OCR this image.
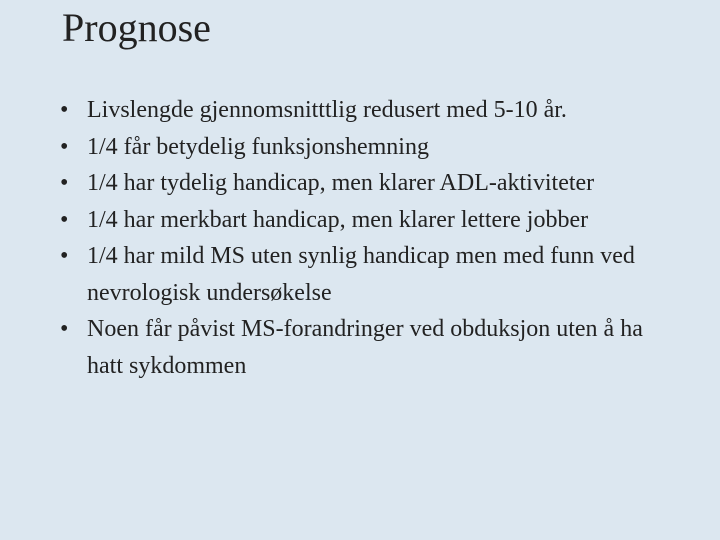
Prognose
• Livslengde gjennomsnitttlig redusert med 5-10 år.
• 1/4 får betydelig funksjonshemning
• 1/4 har tydelig handicap, men klarer ADL-aktiviteter
• 1/4 har merkbart handicap, men klarer lettere jobber
• 1/4 har mild MS uten synlig handicap men med funn ved nevrologisk undersøkelse
• Noen får påvist MS-forandringer ved obduksjon uten å ha hatt sykdommen
